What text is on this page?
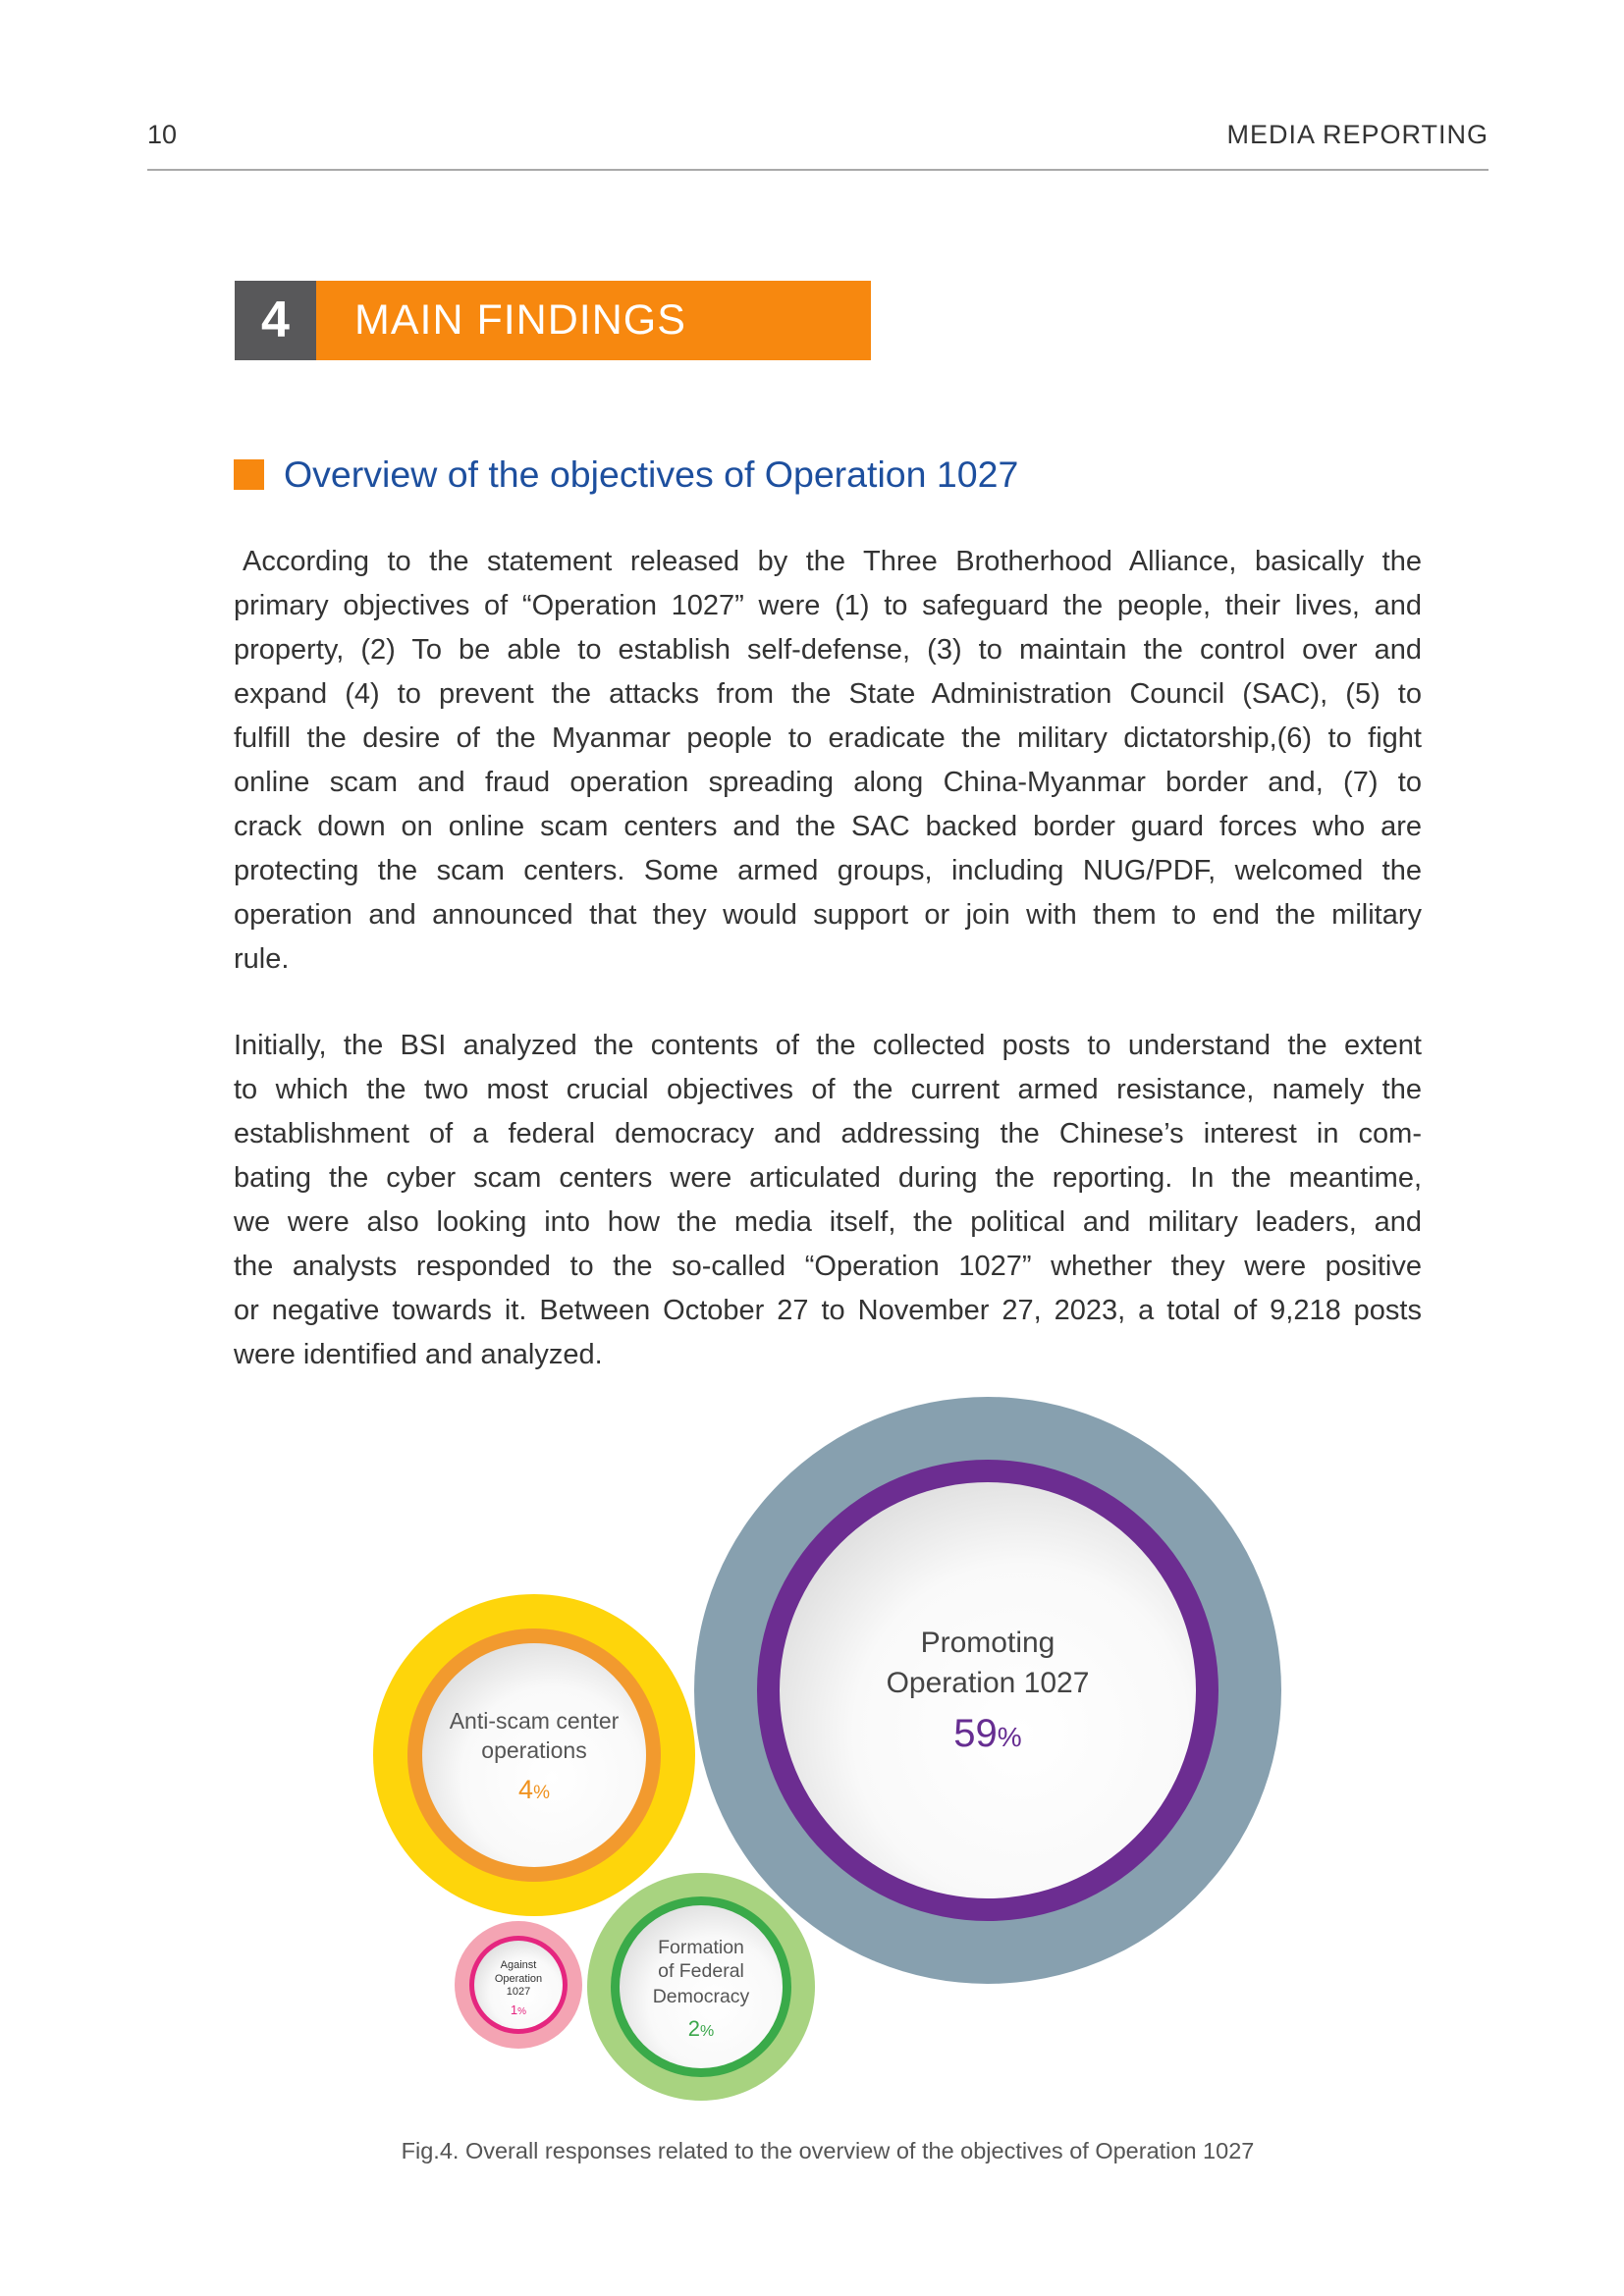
10	MEDIA REPORTING
4	MAIN FINDINGS
Overview of the objectives of Operation 1027
According to the statement released by the Three Brotherhood Alliance, basically the
primary objectives of “Operation 1027” were (1) to safeguard the people, their lives, and
property, (2) To be able to establish self-defense, (3) to maintain the control over and
expand (4) to prevent the attacks from the State Administration Council (SAC), (5) to
fulfill the desire of the Myanmar people to eradicate the military dictatorship,(6) to fight
online scam and fraud operation spreading along China-Myanmar border and, (7) to
crack down on online scam centers and the SAC backed border guard forces who are
protecting the scam centers. Some armed groups, including NUG/PDF, welcomed the
operation and announced that they would support or join with them to end the military
rule.
Initially, the BSI analyzed the contents of the collected posts to understand the extent
to which the two most crucial objectives of the current armed resistance, namely the
establishment of a federal democracy and addressing the Chinese’s interest in com-
bating the cyber scam centers were articulated during the reporting. In the meantime,
we were also looking into how the media itself, the political and military leaders, and
the analysts responded to the so-called “Operation 1027” whether they were positive
or negative towards it. Between October 27 to November 27, 2023, a total of 9,218 posts
were identified and analyzed.
Promoting
Operation 1027
59%
Anti-scam center
operations
4%
Formation
of Federal
Democracy
2%
Against
Operation
1027
1%
Fig.4. Overall responses related to the overview of the objectives of Operation 1027
